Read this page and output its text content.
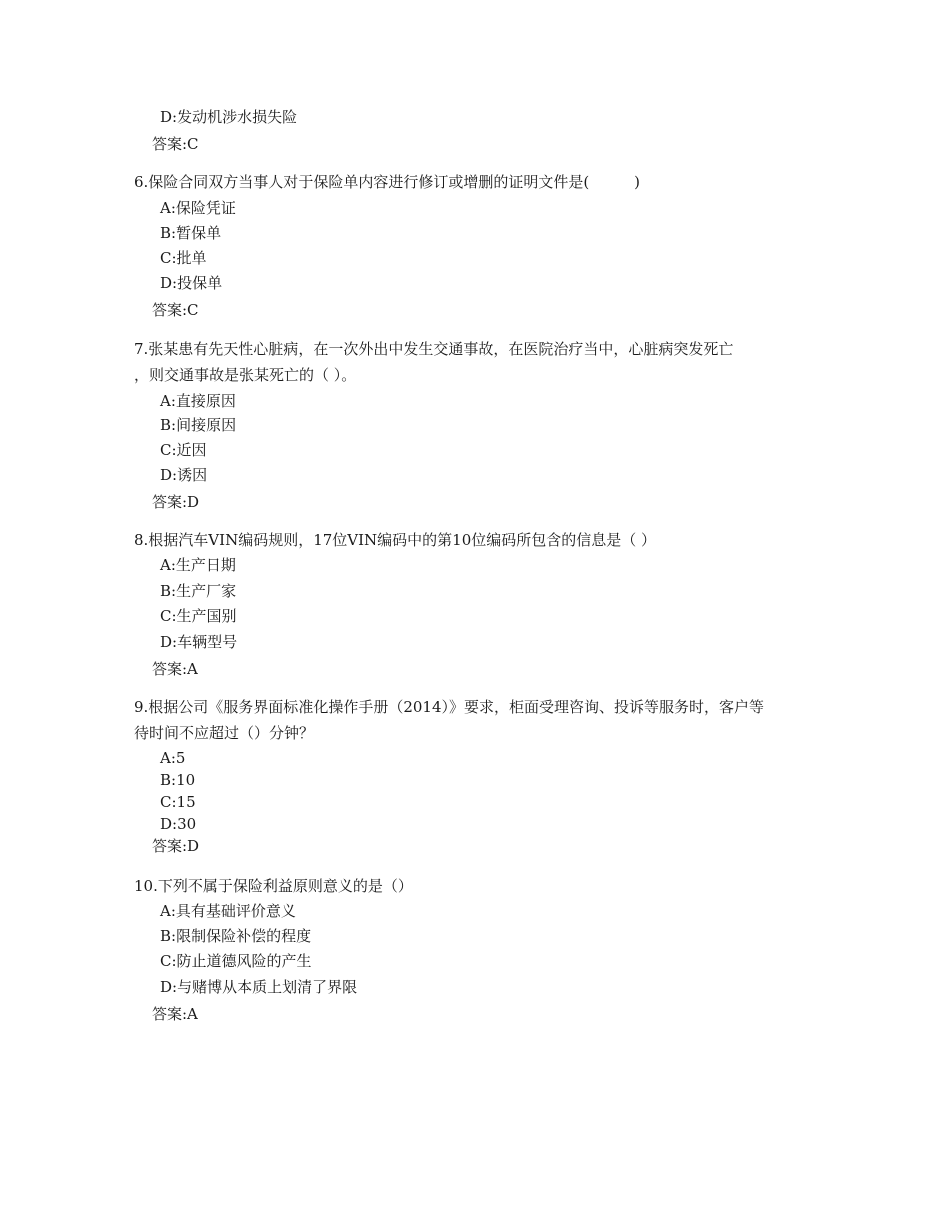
D:发动机涉水损失险
答案:C
6.保险合同双方当事人对于保险单内容进行修订或增删的证明文件是(　　　)
A:保险凭证
B:暂保单
C:批单
D:投保单
答案:C
7.张某患有先天性心脏病，在一次外出中发生交通事故，在医院治疗当中，心脏病突发死亡
，则交通事故是张某死亡的（ ）。
A:直接原因
B:间接原因
C:近因
D:诱因
答案:D
8.根据汽车VIN编码规则，17位VIN编码中的第10位编码所包含的信息是（ ）
A:生产日期
B:生产厂家
C:生产国别
D:车辆型号
答案:A
9.根据公司《服务界面标准化操作手册（2014）》要求，柜面受理咨询、投诉等服务时，客户等
待时间不应超过（）分钟？
A:5
B:10
C:15
D:30
答案:D
10.下列不属于保险利益原则意义的是（）
A:具有基础评价意义
B:限制保险补偿的程度
C:防止道德风险的产生
D:与赌博从本质上划清了界限
答案:A
